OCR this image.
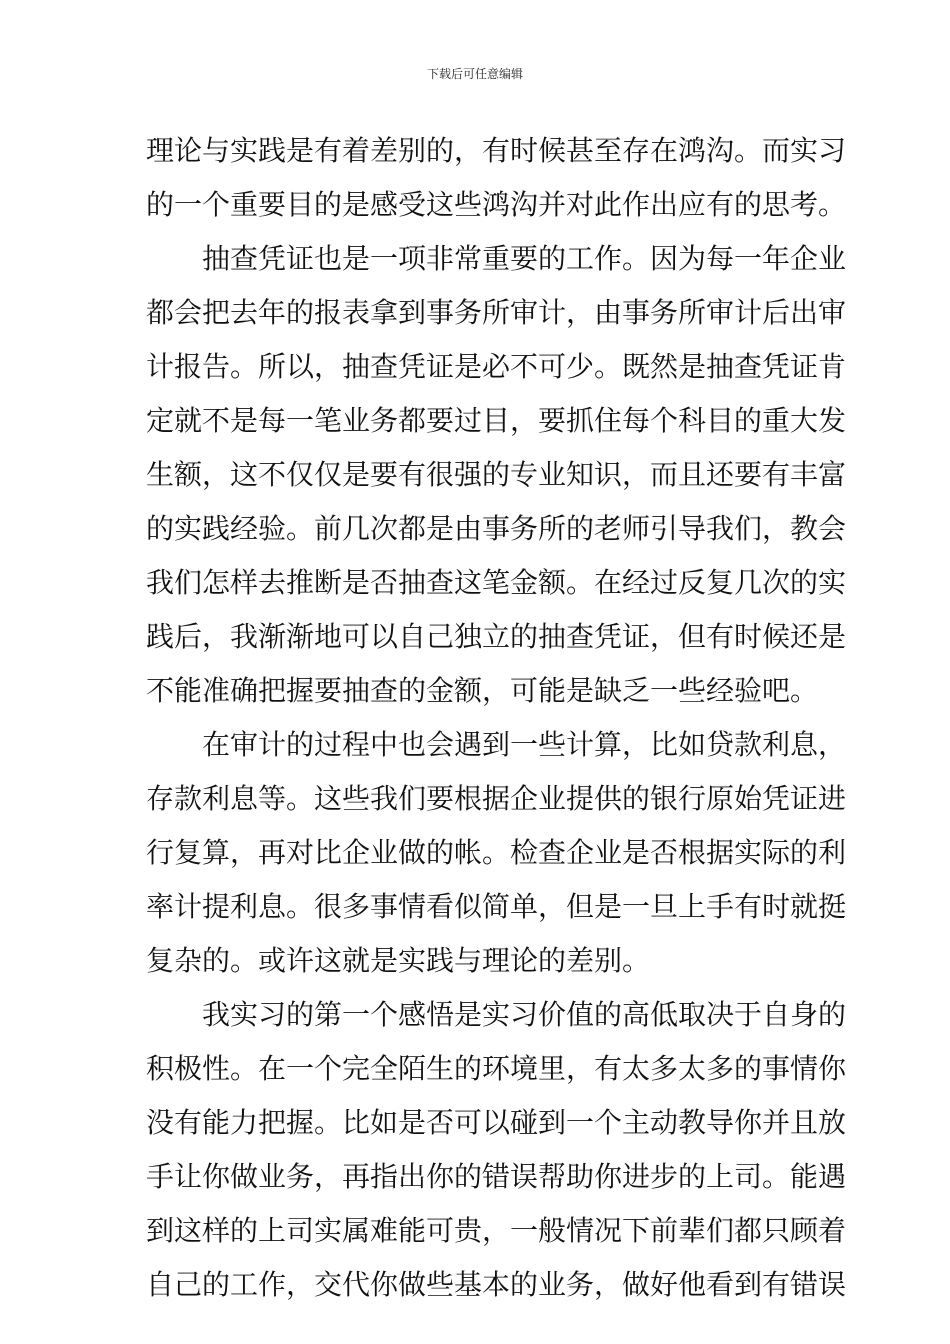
下载后可任意编辑
理论与实践是有着差别的，有时候甚至存在鸿沟。而实习
的一个重要目的是感受这些鸿沟并对此作出应有的思考。
抽查凭证也是一项非常重要的工作。因为每一年企业
都会把去年的报表拿到事务所审计，由事务所审计后出审
计报告。所以，抽查凭证是必不可少。既然是抽查凭证肯
定就不是每一笔业务都要过目，要抓住每个科目的重大发
生额，这不仅仅是要有很强的专业知识，而且还要有丰富
的实践经验。前几次都是由事务所的老师引导我们，教会
我们怎样去推断是否抽查这笔金额。在经过反复几次的实
践后，我渐渐地可以自己独立的抽查凭证，但有时候还是
不能准确把握要抽查的金额，可能是缺乏一些经验吧。
在审计的过程中也会遇到一些计算，比如贷款利息，
存款利息等。这些我们要根据企业提供的银行原始凭证进
行复算，再对比企业做的帐。检查企业是否根据实际的利
率计提利息。很多事情看似简单，但是一旦上手有时就挺
复杂的。或许这就是实践与理论的差别。
我实习的第一个感悟是实习价值的高低取决于自身的
积极性。在一个完全陌生的环境里，有太多太多的事情你
没有能力把握。比如是否可以碰到一个主动教导你并且放
手让你做业务，再指出你的错误帮助你进步的上司。能遇
到这样的上司实属难能可贵，一般情况下前辈们都只顾着
自己的工作，交代你做些基本的业务，做好他看到有错误
